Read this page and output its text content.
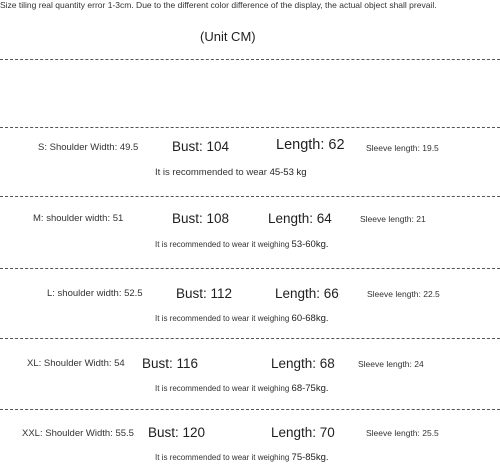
Size tiling real quantity error 1-3cm. Due to the different color difference of the display, the actual object shall prevail.
(Unit CM)
S: Shoulder Width: 49.5 Bust: 104	Length: 62	Sleeve length: 19.5
It is recommended to wear 45-53 kg
M: shoulder width: 51	Bust: 108	Length: 64	Sleeve length: 21
It is recommended to wear it weighing 53-60kg.
L: shoulder width: 52.5 Bust: 112	Length: 66	Sleeve length: 22.5
It is recommended to wear it weighing 60-68kg.
XL: Shoulder Width: 54 Bust: 116	Length: 68	Sleeve length: 24
It is recommended to wear it weighing 68-75kg.
XXL: Shoulder Width: 55.5 Bust: 120	Length: 70	Sleeve length: 25.5
It is recommended to wear it weighing 75-85kg.
